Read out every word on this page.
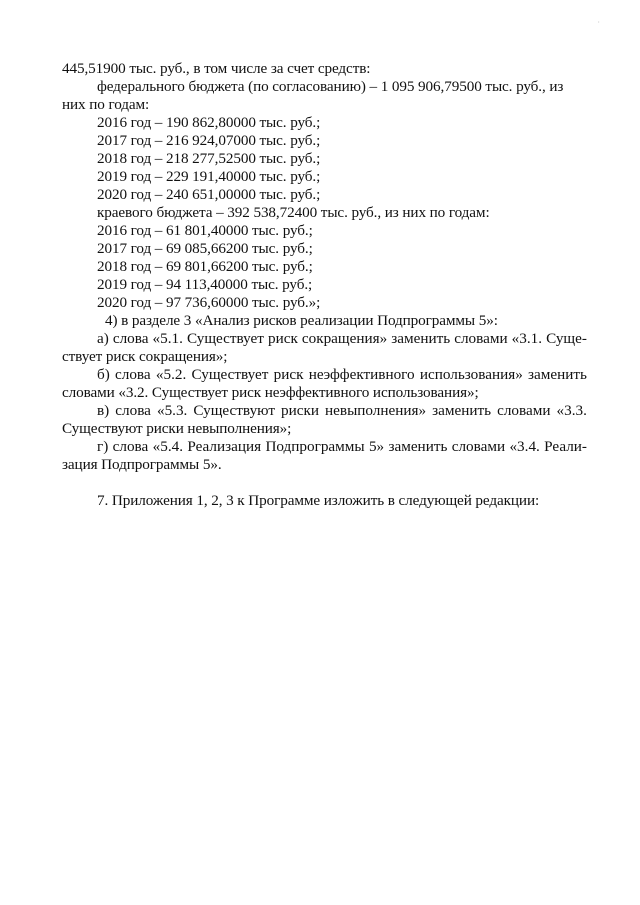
·
445,51900 тыс. руб., в том числе за счет средств:
федерального бюджета (по согласованию) – 1 095 906,79500 тыс. руб., из
них по годам:
2016 год – 190 862,80000 тыс. руб.;
2017 год – 216 924,07000 тыс. руб.;
2018 год – 218 277,52500 тыс. руб.;
2019 год – 229 191,40000 тыс. руб.;
2020 год – 240 651,00000 тыс. руб.;
краевого бюджета – 392 538,72400 тыс. руб., из них по годам:
2016 год – 61 801,40000 тыс. руб.;
2017 год – 69 085,66200 тыс. руб.;
2018 год – 69 801,66200 тыс. руб.;
2019 год – 94 113,40000 тыс. руб.;
2020 год – 97 736,60000 тыс. руб.»;
4) в разделе 3 «Анализ рисков реализации Подпрограммы 5»:
а) слова «5.1. Существует риск сокращения» заменить словами «3.1. Суще-
ствует риск сокращения»;
б) слова «5.2. Существует риск неэффективного использования» заменить
словами «3.2. Существует риск неэффективного использования»;
в) слова «5.3. Существуют риски невыполнения» заменить словами «3.3.
Существуют риски невыполнения»;
г) слова «5.4. Реализация Подпрограммы 5» заменить словами «3.4. Реали-
зация Подпрограммы 5».
7. Приложения 1, 2, 3 к Программе изложить в следующей редакции:
